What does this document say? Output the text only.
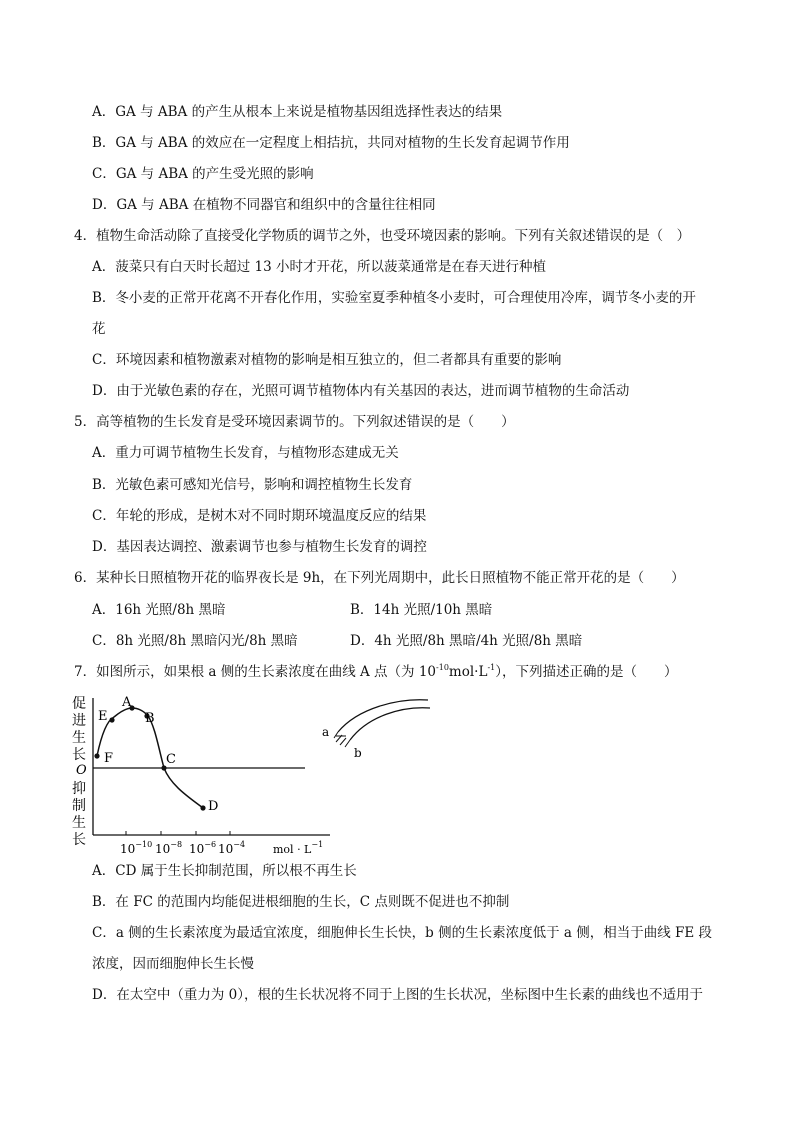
A．GA 与 ABA 的产生从根本上来说是植物基因组选择性表达的结果
B．GA 与 ABA 的效应在一定程度上相拮抗，共同对植物的生长发育起调节作用
C．GA 与 ABA 的产生受光照的影响
D．GA 与 ABA 在植物不同器官和组织中的含量往往相同
4．植物生命活动除了直接受化学物质的调节之外，也受环境因素的影响。下列有关叙述错误的是（　）
A．菠菜只有白天时长超过 13 小时才开花，所以菠菜通常是在春天进行种植
B．冬小麦的正常开花离不开春化作用，实验室夏季种植冬小麦时，可合理使用冷库，调节冬小麦的开
花
C．环境因素和植物激素对植物的影响是相互独立的，但二者都具有重要的影响
D．由于光敏色素的存在，光照可调节植物体内有关基因的表达，进而调节植物的生命活动
5．高等植物的生长发育是受环境因素调节的。下列叙述错误的是（　　）
A．重力可调节植物生长发育，与植物形态建成无关
B．光敏色素可感知光信号，影响和调控植物生长发育
C．年轮的形成，是树木对不同时期环境温度反应的结果
D．基因表达调控、激素调节也参与植物生长发育的调控
6．某种长日照植物开花的临界夜长是 9h，在下列光周期中，此长日照植物不能正常开花的是（　　）
A．16h 光照/8h 黑暗	B．14h 光照/10h 黑暗
C．8h 光照/8h 黑暗闪光/8h 黑暗	D．4h 光照/8h 黑暗/4h 光照/8h 黑暗
7．如图所示，如果根 a 侧的生长素浓度在曲线 A 点（为 $10^{-10}mol\cdot L^{-1}$），下列描述正确的是（　　）
促
进
生
长
O
抑
制
生
长
$10^{-10}$ $10^{-8}$ $10^{-6}$ $10^{-4}$	mol · $L^{-1}$
A
B
C
D
E
F
a
b
A．CD 属于生长抑制范围，所以根不再生长
B．在 FC 的范围内均能促进根细胞的生长，C 点则既不促进也不抑制
C．a 侧的生长素浓度为最适宜浓度，细胞伸长生长快，b 侧的生长素浓度低于 a 侧，相当于曲线 FE 段
浓度，因而细胞伸长生长慢
D．在太空中（重力为 0），根的生长状况将不同于上图的生长状况，坐标图中生长素的曲线也不适用于
